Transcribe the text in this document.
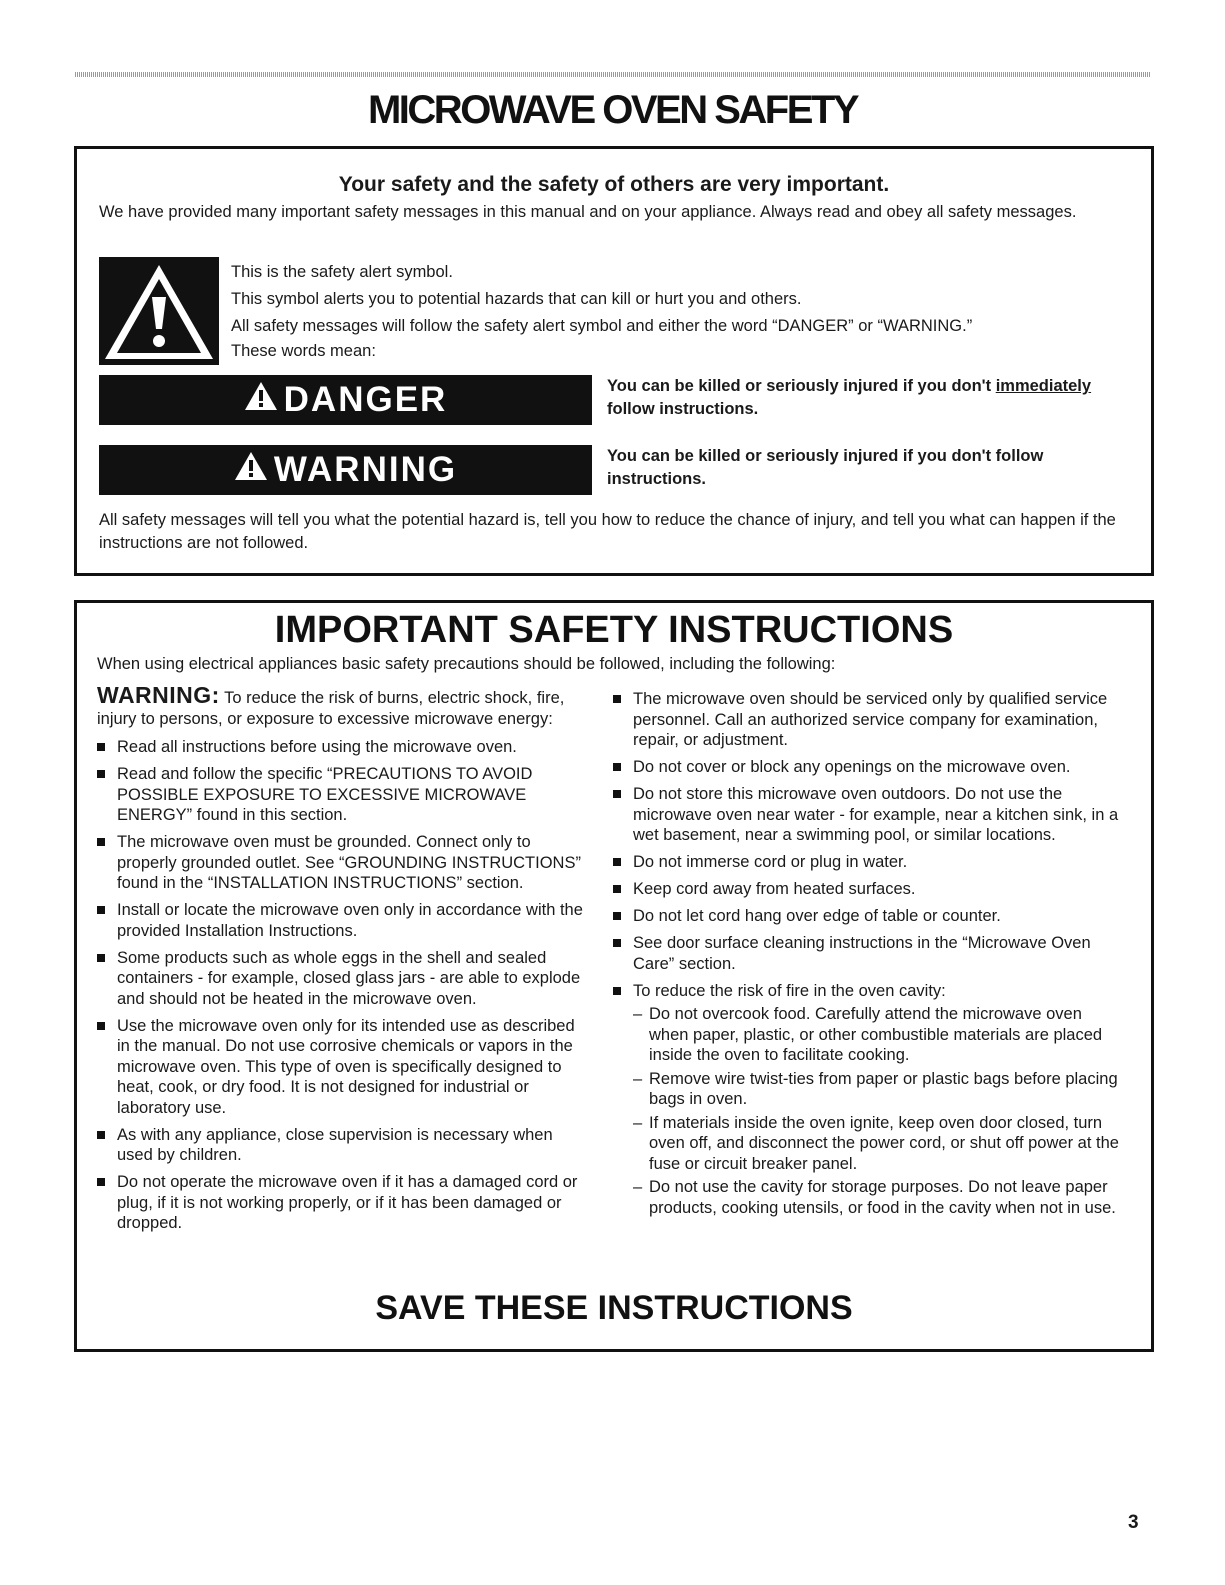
MICROWAVE OVEN SAFETY
Your safety and the safety of others are very important.

We have provided many important safety messages in this manual and on your appliance. Always read and obey all safety messages.

This is the safety alert symbol.

This symbol alerts you to potential hazards that can kill or hurt you and others.

All safety messages will follow the safety alert symbol and either the word “DANGER” or “WARNING.”

These words mean:

DANGER	You can be killed or seriously injured if you don't immediately follow instructions.

WARNING	You can be killed or seriously injured if you don't follow instructions.

All safety messages will tell you what the potential hazard is, tell you how to reduce the chance of injury, and tell you what can happen if the instructions are not followed.

IMPORTANT SAFETY INSTRUCTIONS

When using electrical appliances basic safety precautions should be followed, including the following:

WARNING: To reduce the risk of burns, electric shock, fire, injury to persons, or exposure to excessive microwave energy:

Read all instructions before using the microwave oven.
Read and follow the specific “PRECAUTIONS TO AVOID POSSIBLE EXPOSURE TO EXCESSIVE MICROWAVE ENERGY” found in this section.
The microwave oven must be grounded. Connect only to properly grounded outlet. See “GROUNDING INSTRUCTIONS” found in the “INSTALLATION INSTRUCTIONS” section.
Install or locate the microwave oven only in accordance with the provided Installation Instructions.
Some products such as whole eggs in the shell and sealed containers - for example, closed glass jars - are able to explode and should not be heated in the microwave oven.
Use the microwave oven only for its intended use as described in the manual. Do not use corrosive chemicals or vapors in the microwave oven. This type of oven is specifically designed to heat, cook, or dry food. It is not designed for industrial or laboratory use.
As with any appliance, close supervision is necessary when used by children.
Do not operate the microwave oven if it has a damaged cord or plug, if it is not working properly, or if it has been damaged or dropped.
The microwave oven should be serviced only by qualified service personnel. Call an authorized service company for examination, repair, or adjustment.
Do not cover or block any openings on the microwave oven.
Do not store this microwave oven outdoors. Do not use the microwave oven near water - for example, near a kitchen sink, in a wet basement, near a swimming pool, or similar locations.
Do not immerse cord or plug in water.
Keep cord away from heated surfaces.
Do not let cord hang over edge of table or counter.
See door surface cleaning instructions in the “Microwave Oven Care” section.
To reduce the risk of fire in the oven cavity:
– Do not overcook food. Carefully attend the microwave oven when paper, plastic, or other combustible materials are placed inside the oven to facilitate cooking.
– Remove wire twist-ties from paper or plastic bags before placing bags in oven.
– If materials inside the oven ignite, keep oven door closed, turn oven off, and disconnect the power cord, or shut off power at the fuse or circuit breaker panel.
– Do not use the cavity for storage purposes. Do not leave paper products, cooking utensils, or food in the cavity when not in use.
SAVE THESE INSTRUCTIONS
3
